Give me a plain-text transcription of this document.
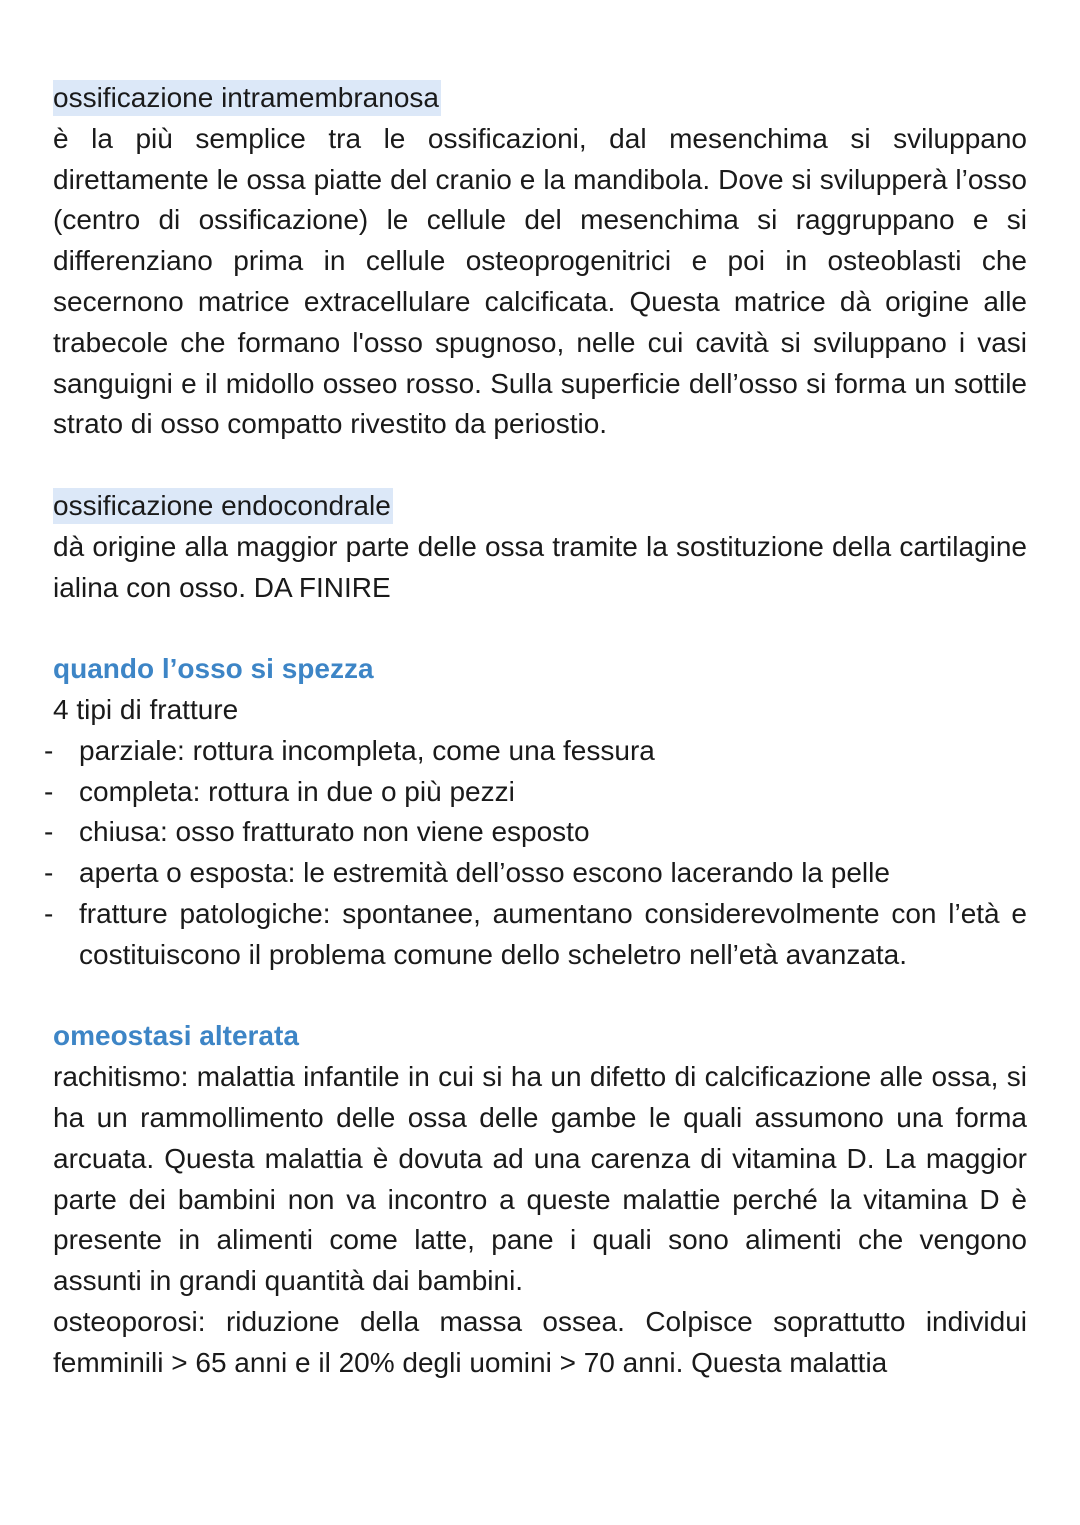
ossificazione intramembranosa

è la più semplice tra le ossificazioni, dal mesenchima si sviluppano direttamente le ossa piatte del cranio e la mandibola. Dove si svilupperà l’osso (centro di ossificazione) le cellule del mesenchima si raggruppano e si differenziano prima in cellule osteoprogenitrici e poi in osteoblasti che secernono matrice extracellulare calcificata. Questa matrice dà origine alle trabecole che formano l'osso spugnoso, nelle cui cavità si sviluppano i vasi sanguigni e il midollo osseo rosso. Sulla superficie dell’osso si forma un sottile strato di osso compatto rivestito da periostio.

ossificazione endocondrale

dà origine alla maggior parte delle ossa tramite la sostituzione della cartilagine ialina con osso. DA FINIRE

quando l’osso si spezza

4 tipi di fratture

- parziale: rottura incompleta, come una fessura
- completa: rottura in due o più pezzi
- chiusa: osso fratturato non viene esposto
- aperta o esposta: le estremità dell’osso escono lacerando la pelle
- fratture patologiche: spontanee, aumentano considerevolmente con l’età e costituiscono il problema comune dello scheletro nell’età avanzata.

omeostasi alterata

rachitismo: malattia infantile in cui si ha un difetto di calcificazione alle ossa, si ha un rammollimento delle ossa delle gambe le quali assumono una forma arcuata. Questa malattia è dovuta ad una carenza di vitamina D. La maggior parte dei bambini non va incontro a queste malattie perché la vitamina D è presente in alimenti come latte, pane i quali sono alimenti che vengono assunti in grandi quantità dai bambini.

osteoporosi: riduzione della massa ossea. Colpisce soprattutto individui femminili > 65 anni e il 20% degli uomini > 70 anni. Questa malattia
